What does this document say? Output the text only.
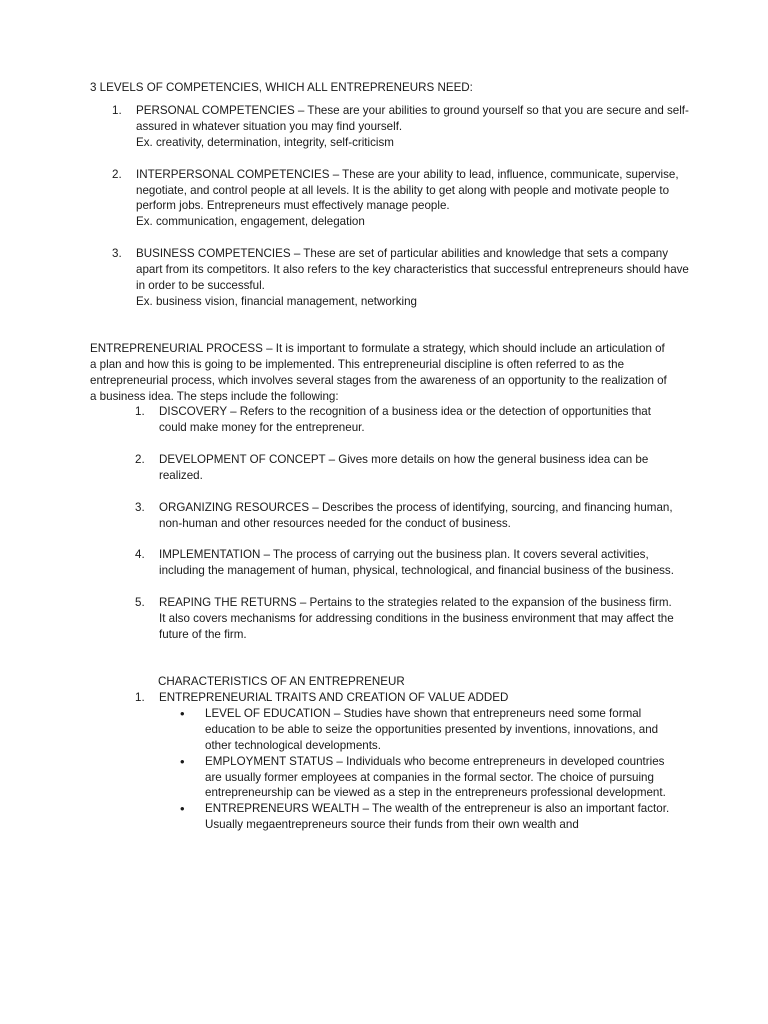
3 LEVELS OF COMPETENCIES, WHICH ALL ENTREPRENEURS NEED:
1.	PERSONAL COMPETENCIES – These are your abilities to ground yourself so that you are secure and self-assured in whatever situation you may find yourself.
Ex. creativity, determination, integrity, self-criticism
2.	INTERPERSONAL COMPETENCIES – These are your ability to lead, influence, communicate, supervise, negotiate, and control people at all levels. It is the ability to get along with people and motivate people to perform jobs. Entrepreneurs must effectively manage people.
Ex. communication, engagement, delegation
3.	BUSINESS COMPETENCIES – These are set of particular abilities and knowledge that sets a company apart from its competitors. It also refers to the key characteristics that successful entrepreneurs should have in order to be successful.
Ex. business vision, financial management, networking

ENTREPRENEURIAL PROCESS – It is important to formulate a strategy, which should include an articulation of a plan and how this is going to be implemented. This entrepreneurial discipline is often referred to as the entrepreneurial process, which involves several stages from the awareness of an opportunity to the realization of a business idea. The steps include the following:

1.	DISCOVERY – Refers to the recognition of a business idea or the detection of opportunities that could make money for the entrepreneur.
2.	DEVELOPMENT OF CONCEPT – Gives more details on how the general business idea can be realized.
3.	ORGANIZING RESOURCES – Describes the process of identifying, sourcing, and financing human, non-human and other resources needed for the conduct of business.
4.	IMPLEMENTATION – The process of carrying out the business plan. It covers several activities, including the management of human, physical, technological, and financial business of the business.
5.	REAPING THE RETURNS – Pertains to the strategies related to the expansion of the business firm. It also covers mechanisms for addressing conditions in the business environment that may affect the future of the firm.
CHARACTERISTICS OF AN ENTREPRENEUR
1.	ENTREPRENEURIAL TRAITS AND CREATION OF VALUE ADDED
•	LEVEL OF EDUCATION – Studies have shown that entrepreneurs need some formal education to be able to seize the opportunities presented by inventions, innovations, and other technological developments.
•	EMPLOYMENT STATUS – Individuals who become entrepreneurs in developed countries are usually former employees at companies in the formal sector. The choice of pursuing entrepreneurship can be viewed as a step in the entrepreneurs professional development.
•	ENTREPRENEURS WEALTH – The wealth of the entrepreneur is also an important factor. Usually megaentrepreneurs source their funds from their own wealth and
